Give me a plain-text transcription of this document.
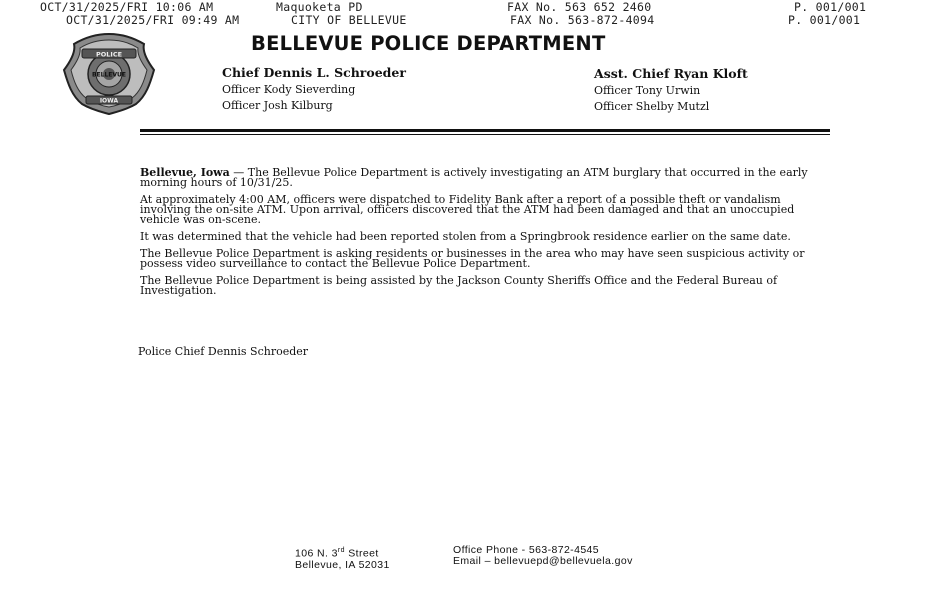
OCT/31/2025/FRI 10:06 AM	Maquoketa PD	FAX No. 563 652 2460	P. 001/001
OCT/31/2025/FRI 09:49 AM	CITY OF BELLEVUE	FAX No. 563-872-4094	P. 001/001
POLICE
BELLEVUE
IOWA
BELLEVUE POLICE DEPARTMENT
Chief Dennis L. Schroeder
Officer Kody Sieverding
Officer Josh Kilburg
Asst. Chief Ryan Kloft
Officer Tony Urwin
Officer Shelby Mutzl

Bellevue, Iowa — The Bellevue Police Department is actively investigating an ATM burglary that occurred in the early morning hours of 10/31/25.

At approximately 4:00 AM, officers were dispatched to Fidelity Bank after a report of a possible theft or vandalism involving the on-site ATM. Upon arrival, officers discovered that the ATM had been damaged and that an unoccupied vehicle was on-scene.

It was determined that the vehicle had been reported stolen from a Springbrook residence earlier on the same date.

The Bellevue Police Department is asking residents or businesses in the area who may have seen suspicious activity or possess video surveillance to contact the Bellevue Police Department.

The Bellevue Police Department is being assisted by the Jackson County Sheriffs Office and the Federal Bureau of Investigation.

Police Chief Dennis Schroeder
106 N. 3rd Street
Bellevue, IA 52031
Office Phone - 563-872-4545
Email – bellevuepd@bellevuela.gov
